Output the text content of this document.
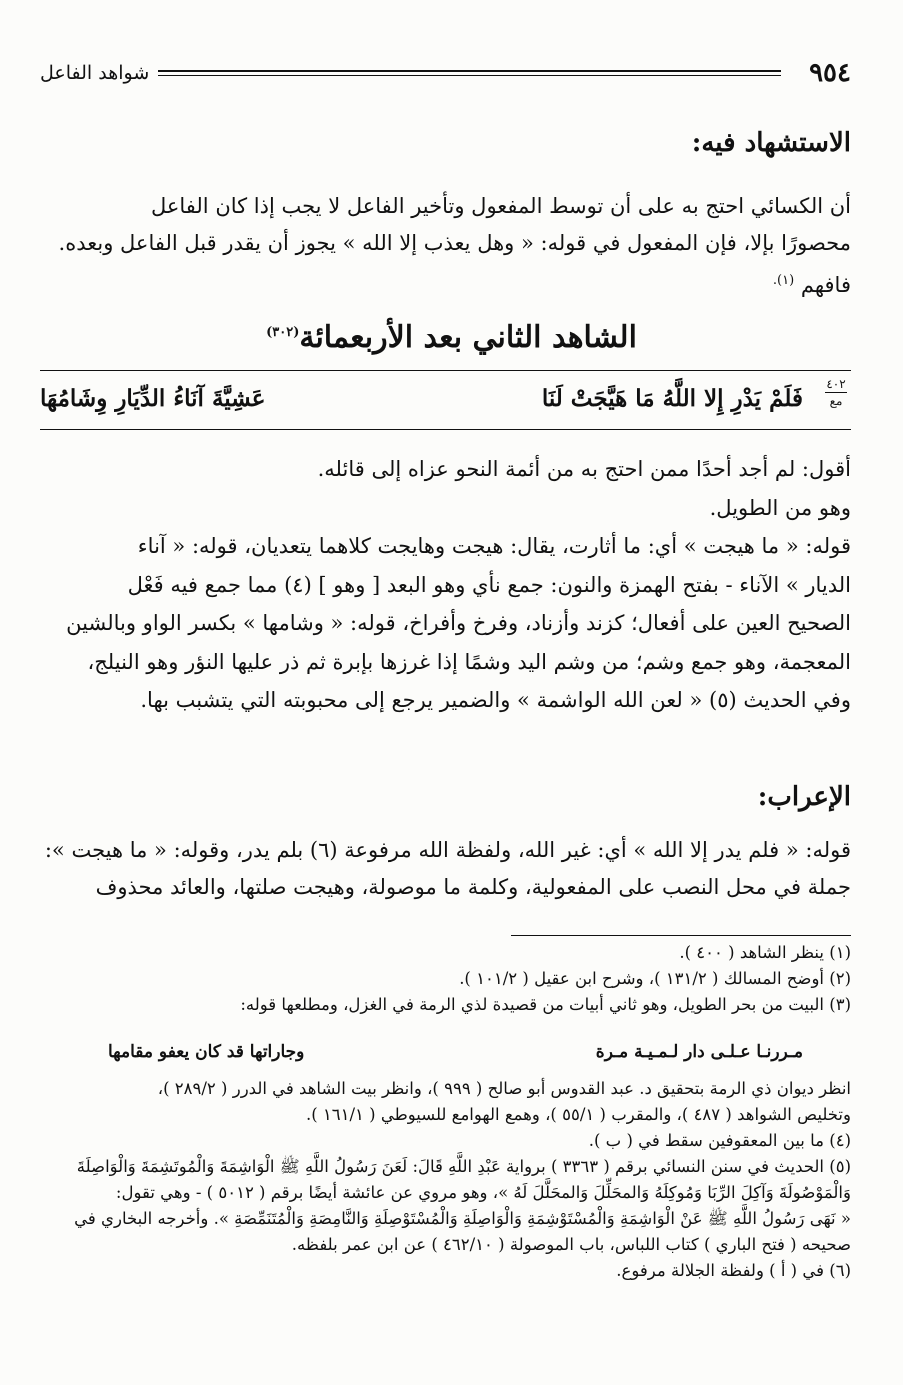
٩٥٤
شواهد الفاعل
الاستشهاد فيه:
أن الكسائي احتج به على أن توسط المفعول وتأخير الفاعل لا يجب إذا كان الفاعل
محصورًا بإلا، فإن المفعول في قوله: « وهل يعذب إلا الله » يجوز أن يقدر قبل الفاعل وبعده.
فافهم $^{(١).}$
الشاهد الثاني بعد الأربعمائة$^{(٣٠٢)}$
٤٠٢
مع
فَلَمْ يَدْرِ إِلا اللَّهُ مَا هَيَّجَتْ لَنَا
عَشِيَّةَ آنَاءُ الدِّيَارِ وِشَامُهَا
أقول: لم أجد أحدًا ممن احتج به من أئمة النحو عزاه إلى قائله.
وهو من الطويل.
قوله: « ما هيجت » أي: ما أثارت، يقال: هيجت وهايجت كلاهما يتعديان، قوله: « آناء
الديار » الآناء - بفتح الهمزة والنون: جمع نأي وهو البعد [ وهو ] (٤) مما جمع فيه فَعْل
الصحيح العين على أفعال؛ كزند وأزناد، وفرخ وأفراخ، قوله: « وشامها » بكسر الواو وبالشين
المعجمة، وهو جمع وشم؛ من وشم اليد وشمًا إذا غرزها بإبرة ثم ذر عليها النؤر وهو النيلج،
وفي الحديث (٥) « لعن الله الواشمة » والضمير يرجع إلى محبوبته التي يتشبب بها.
الإعراب:
قوله: « فلم يدر إلا الله » أي: غير الله، ولفظة الله مرفوعة (٦) بلم يدر، وقوله: « ما هيجت »:
جملة في محل النصب على المفعولية، وكلمة ما موصولة، وهيجت صلتها، والعائد محذوف
(١) ينظر الشاهد ( ٤٠٠ ).
(٢) أوضح المسالك ( ١٣١/٢ )، وشرح ابن عقيل ( ١٠١/٢ ).
(٣) البيت من بحر الطويل، وهو ثاني أبيات من قصيدة لذي الرمة في الغزل، ومطلعها قوله:
مـررنـا عـلـى دار لـمـيـة مـرة
وجاراتها قد كان يعفو مقامها
انظر ديوان ذي الرمة بتحقيق د. عبد القدوس أبو صالح ( ٩٩٩ )، وانظر بيت الشاهد في الدرر ( ٢٨٩/٢ )،
وتخليص الشواهد ( ٤٨٧ )، والمقرب ( ٥٥/١ )، وهمع الهوامع للسيوطي ( ١٦١/١ ).
(٤) ما بين المعقوفين سقط في ( ب ).
(٥) الحديث في سنن النسائي برقم ( ٣٣٦٣ ) برواية عَبْدِ اللَّهِ قَالَ: لَعَنَ رَسُولُ اللَّهِ ﷺ الْوَاشِمَةَ وَالْمُوتَشِمَةَ وَالْوَاصِلَةَ
وَالْمَوْصُولَةَ وَآكِلَ الرِّبَا وَمُوكِلَهُ وَالمحَلِّلَ وَالمحَلَّلَ لَهُ »، وهو مروي عن عائشة أيضًا برقم ( ٥٠١٢ ) - وهي تقول:
« نَهَى رَسُولُ اللَّهِ ﷺ عَنْ الْوَاشِمَةِ وَالْمُسْتَوْشِمَةِ وَالْوَاصِلَةِ وَالْمُسْتَوْصِلَةِ وَالنَّامِصَةِ وَالْمُتَنَمِّصَةِ ». وأخرجه البخاري في
صحيحه ( فتح الباري ) كتاب اللباس، باب الموصولة ( ٤٦٢/١٠ ) عن ابن عمر بلفظه.
(٦) في ( أ ) ولفظة الجلالة مرفوع.
